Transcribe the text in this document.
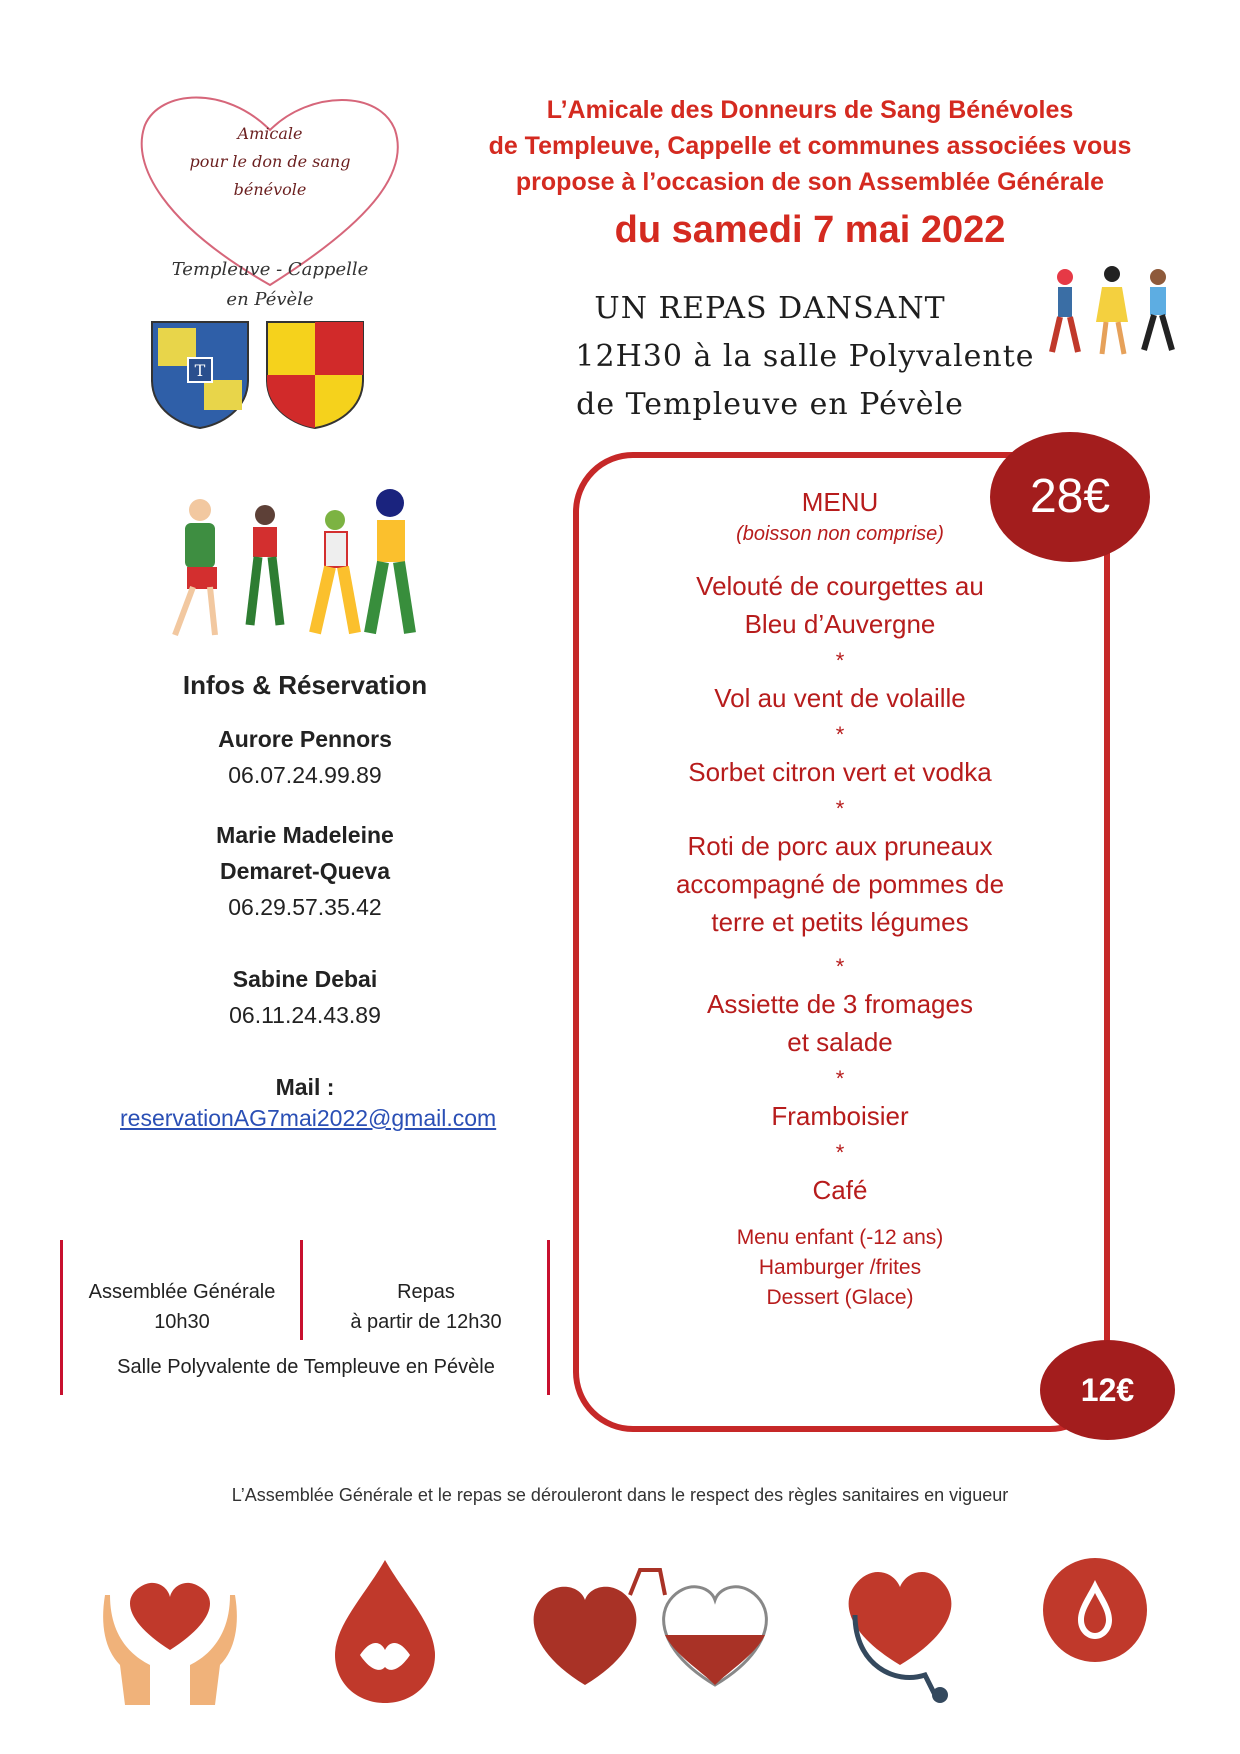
Amicale
pour le don de sang
bénévole
Templeuve - Cappelle
en Pévèle
T
L’Amicale des Donneurs de Sang Bénévoles
de Templeuve, Cappelle et communes associées vous
propose à l’occasion de son Assemblée Générale
du samedi 7 mai 2022
UN REPAS DANSANT
12H30 à la salle Polyvalente
de Templeuve en Pévèle
Infos & Réservation
Aurore Pennors
06.07.24.99.89
Marie Madeleine
Demaret-Queva
06.29.57.35.42
Sabine Debai
06.11.24.43.89
Mail :
reservationAG7mai2022@gmail.com
Assemblée Générale
10h30
Repas
à partir de 12h30
Salle Polyvalente de Templeuve en Pévèle
28€
MENU
(boisson non comprise)
Velouté de courgettes au
Bleu d’Auvergne
*
Vol au vent de volaille
*
Sorbet citron vert et vodka
*
Roti de porc aux pruneaux
accompagné de pommes de
terre et petits légumes
*
Assiette de 3 fromages
et salade
*
Framboisier
*
Café
Menu enfant (-12 ans)
Hamburger /frites
Dessert (Glace)
12€
L’Assemblée Générale et le repas se dérouleront dans le respect des règles sanitaires en vigueur
